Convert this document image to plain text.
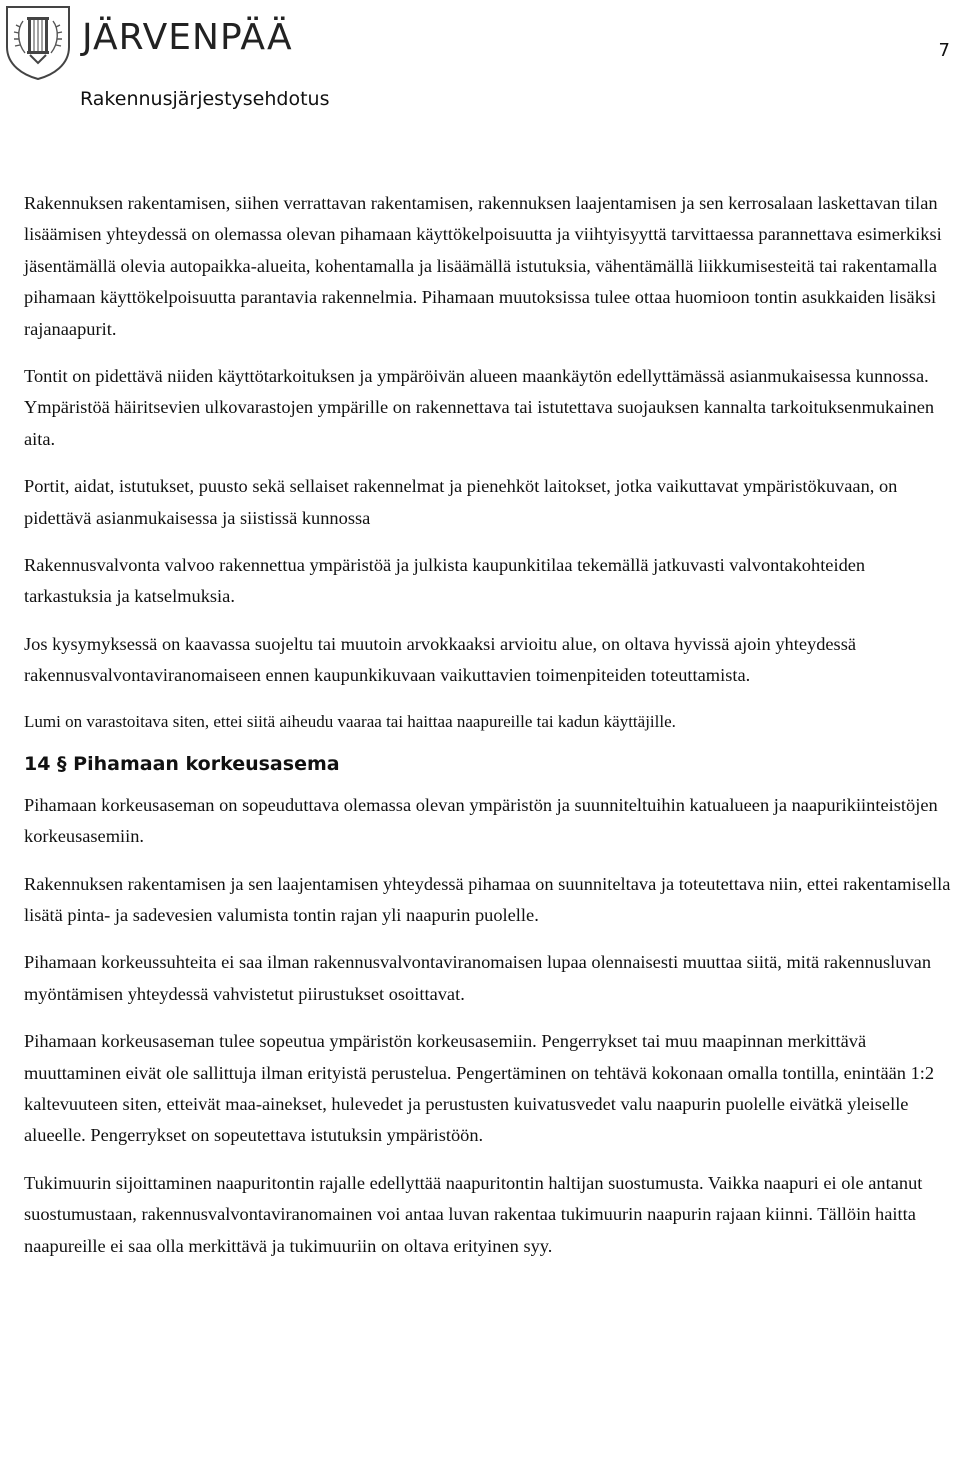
JÄRVENPÄÄ
Rakennusjärjestysehdotus
7

Rakennuksen rakentamisen, siihen verrattavan rakentamisen, rakennuksen laajentamisen ja sen kerrosalaan laskettavan tilan lisäämisen yhteydessä on olemassa olevan pihamaan käyttökelpoisuutta ja viihtyisyyttä tarvittaessa parannettava esimerkiksi jäsentämällä olevia autopaikka-alueita, kohentamalla ja lisäämällä istutuksia, vähentämällä liikkumisesteitä tai rakentamalla pihamaan käyttökelpoisuutta parantavia rakennelmia. Pihamaan muutoksissa tulee ottaa huomioon tontin asukkaiden lisäksi rajanaapurit.

Tontit on pidettävä niiden käyttötarkoituksen ja ympäröivän alueen maankäytön edellyttämässä asianmukaisessa kunnossa. Ympäristöä häiritsevien ulkovarastojen ympärille on rakennettava tai istutettava suojauksen kannalta tarkoituksenmukainen aita.

Portit, aidat, istutukset, puusto sekä sellaiset rakennelmat ja pienehköt laitokset, jotka vaikuttavat ympäristökuvaan, on pidettävä asianmukaisessa ja siistissä kunnossa

Rakennusvalvonta valvoo rakennettua ympäristöä ja julkista kaupunkitilaa tekemällä jatkuvasti valvontakohteiden tarkastuksia ja katselmuksia.

Jos kysymyksessä on kaavassa suojeltu tai muutoin arvokkaaksi arvioitu alue, on oltava hyvissä ajoin yhteydessä rakennusvalvontaviranomaiseen ennen kaupunkikuvaan vaikuttavien toimenpiteiden toteuttamista.

Lumi on varastoitava siten, ettei siitä aiheudu vaaraa tai haittaa naapureille tai kadun käyttäjille.

14 § Pihamaan korkeusasema

Pihamaan korkeusaseman on sopeuduttava olemassa olevan ympäristön ja suunniteltuihin katualueen ja naapurikiinteistöjen korkeusasemiin.

Rakennuksen rakentamisen ja sen laajentamisen yhteydessä pihamaa on suunniteltava ja toteutettava niin, ettei rakentamisella lisätä pinta- ja sadevesien valumista tontin rajan yli naapurin puolelle.

Pihamaan korkeussuhteita ei saa ilman rakennusvalvontaviranomaisen lupaa olennaisesti muuttaa siitä, mitä rakennusluvan myöntämisen yhteydessä vahvistetut piirustukset osoittavat.

Pihamaan korkeusaseman tulee sopeutua ympäristön korkeusasemiin. Pengerrykset tai muu maapinnan merkittävä muuttaminen eivät ole sallittuja ilman erityistä perustelua. Pengertäminen on tehtävä kokonaan omalla tontilla, enintään 1:2 kaltevuuteen siten, etteivät maa-ainekset, hulevedet ja perustusten kuivatusvedet valu naapurin puolelle eivätkä yleiselle alueelle. Pengerrykset on sopeutettava istutuksin ympäristöön.

Tukimuurin sijoittaminen naapuritontin rajalle edellyttää naapuritontin haltijan suostumusta. Vaikka naapuri ei ole antanut suostumustaan, rakennusvalvontaviranomainen voi antaa luvan rakentaa tukimuurin naapurin rajaan kiinni. Tällöin haitta naapureille ei saa olla merkittävä ja tukimuuriin on oltava erityinen syy.
